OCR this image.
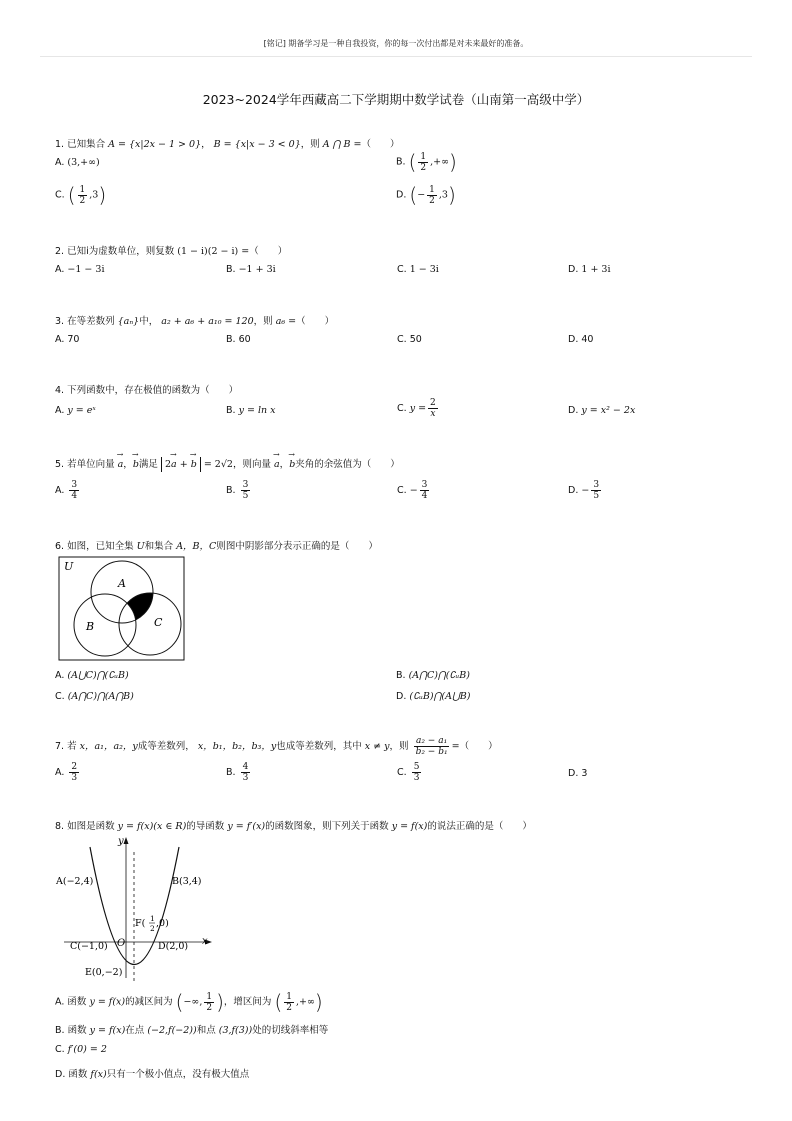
[铭记] 期备学习是一种自我投资，你的每一次付出都是对未来最好的准备。
2023~2024学年西藏高二下学期期中数学试卷（山南第一高级中学）
1. 已知集合 A = {x|2x − 1 > 0}， B = {x|x − 3 < 0}，则 A ⋂ B =（　　）
A. (3,+∞)	B. ( $\frac{1}{2}$ ,+∞)
C. ( $\frac{1}{2} ,3$)	D. (− $\frac{1}{2} ,3$)
2. 已知i为虚数单位，则复数 (1 − i)(2 − i) =（　　）
A. −1 − 3i	B. −1 + 3i	C. 1 − 3i	D. 1 + 3i
3. 在等差数列 {aₙ}中， a₂ + a₆ + a₁₀ = 120，则 a₆ =（　　）
A. 70	B. 60	C. 50	D. 40
4. 下列函数中，存在极值的函数为（　　）
A. y = eˣ	B. y = ln x	C. $y = \frac{2}{x}$	D. y = x² − 2x
5. 若单位向量 → a，→ b满足 2→ a + → b = 2√2，则向量 → a，→ b夹角的余弦值为（　　）
A. $\frac{3}{4}$	B. $\frac{3}{5}$	C. − $\frac{3}{4}$	D. − $\frac{3}{5}$
6. 如图，已知全集 U和集合 A，B，C则图中阴影部分表示正确的是（　　）
U
A
B	C
A. (A⋃C)⋂(∁ᵤB)	B. (A⋂C)⋂(∁ᵤB)
C. (A⋂C)⋂(A⋂B)	D. (∁ᵤB)⋂(A⋃B)
7. 若 x，a₁，a₂，y成等差数列， x，b₁，b₂，b₃，y也成等差数列，其中 x ≠ y，则 $\frac{\text{a₂ − a₁}}{\text{b₂ − b₁}}$ =（　　）
A. $\frac{2}{3}$	B. $\frac{4}{3}$	C. $\frac{5}{3}$	D. 3
8. 如图是函数 y = f(x)(x ∈ R)的导函数 y = f′(x)的函数图象，则下列关于函数 y = f(x)的说法正确的是（　　）
y
x
O
A(−2,4)	B(3,4)
C(−1,0)	D(2,0)
E(0,−2)
F( 1
2 ,0)
A. 函数 y = f(x)的减区间为 (−∞, $\frac{1}{2}$ )，增区间为 ( $\frac{1}{2}$ ,+∞)
B. 函数 y = f(x)在点 (−2,f(−2))和点 (3,f(3))处的切线斜率相等
C. f′(0) = 2
D. 函数 f(x)只有一个极小值点，没有极大值点
